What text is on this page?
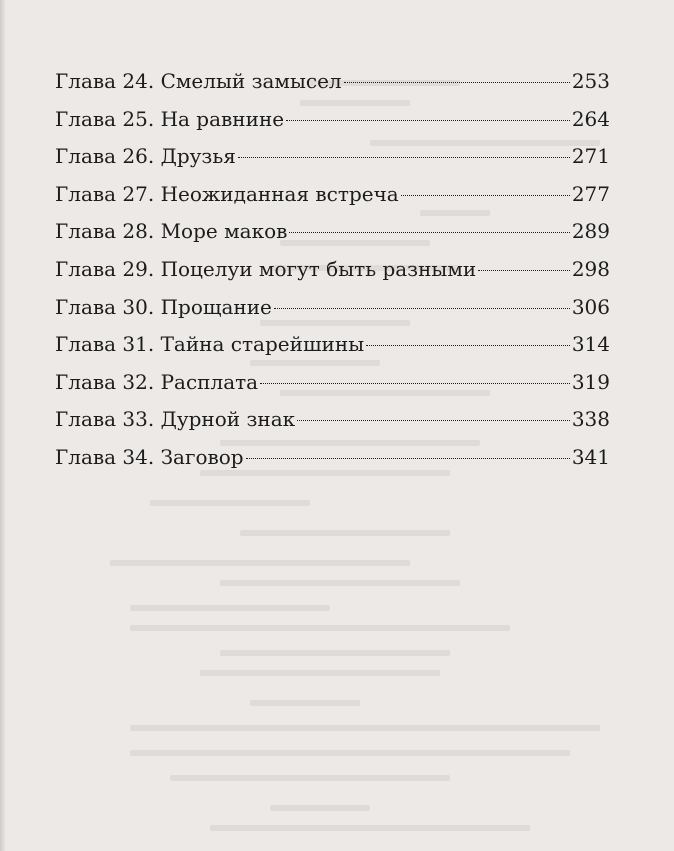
Глава 24. Смелый замысел	253
Глава 25. На равнине	264
Глава 26. Друзья	271
Глава 27. Неожиданная встреча	277
Глава 28. Море маков	289
Глава 29. Поцелуи могут быть разными	298
Глава 30. Прощание	306
Глава 31. Тайна старейшины	314
Глава 32. Расплата	319
Глава 33. Дурной знак	338
Глава 34. Заговор	341
